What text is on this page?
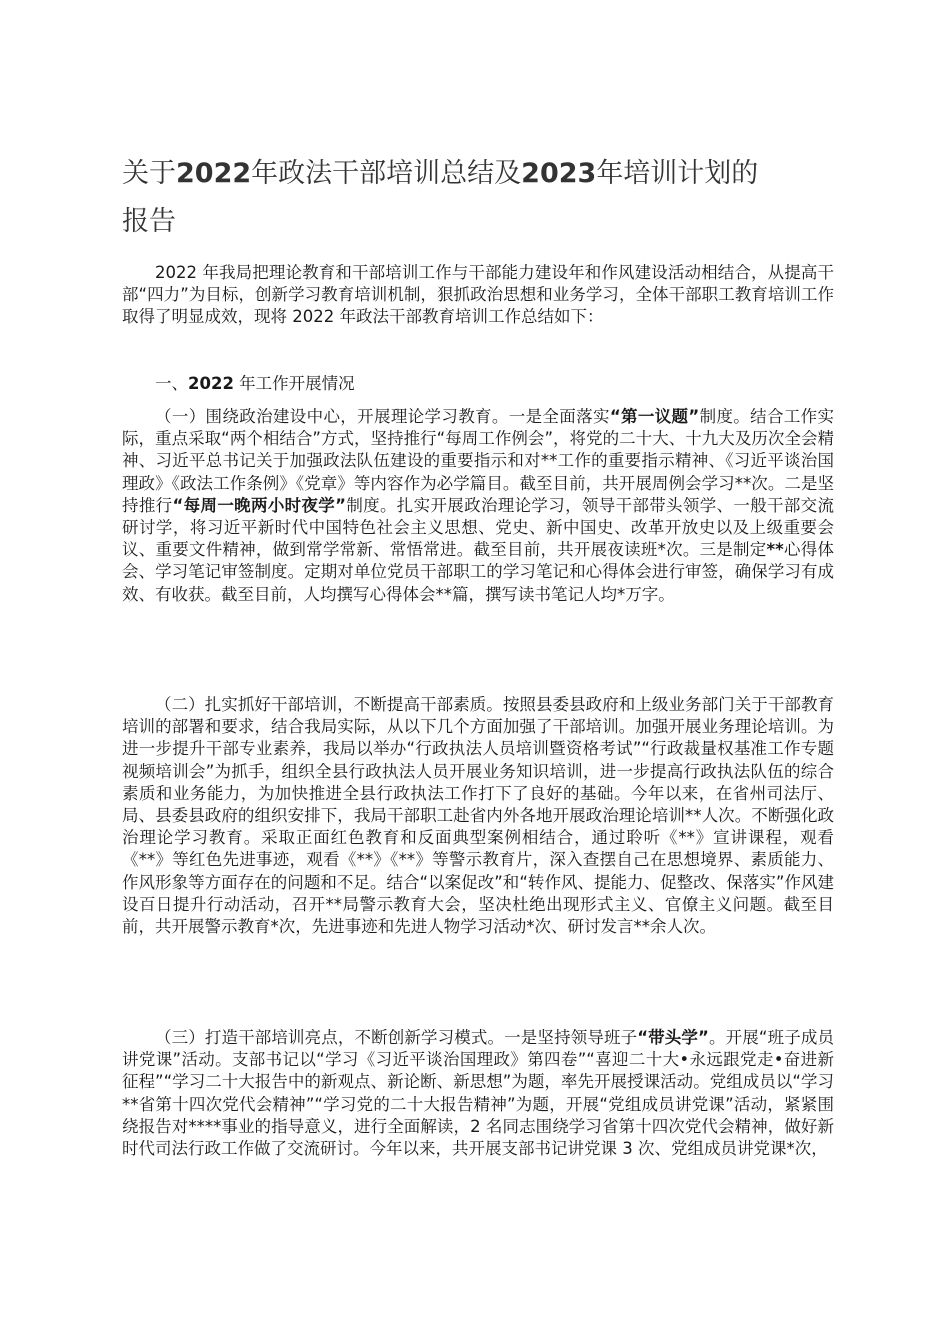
关于2022年政法干部培训总结及2023年培训计划的
报告

2022 年我局把理论教育和干部培训工作与干部能力建设年和作风建设活动相结合，从提高干部“四力”为目标，创新学习教育培训机制，狠抓政治思想和业务学习，全体干部职工教育培训工作取得了明显成效，现将 2022 年政法干部教育培训工作总结如下：

一、2022 年工作开展情况

（一）围绕政治建设中心，开展理论学习教育。一是全面落实“第一议题”制度。结合工作实际，重点采取“两个相结合”方式，坚持推行“每周工作例会”，将党的二十大、十九大及历次全会精神、习近平总书记关于加强政法队伍建设的重要指示和对**工作的重要指示精神、《习近平谈治国理政》《政法工作条例》《党章》等内容作为必学篇目。截至目前，共开展周例会学习**次。二是坚持推行“每周一晚两小时夜学”制度。扎实开展政治理论学习，领导干部带头领学、一般干部交流研讨学，将习近平新时代中国特色社会主义思想、党史、新中国史、改革开放史以及上级重要会议、重要文件精神，做到常学常新、常悟常进。截至目前，共开展夜读班*次。三是制定**心得体会、学习笔记审签制度。定期对单位党员干部职工的学习笔记和心得体会进行审签，确保学习有成效、有收获。截至目前，人均撰写心得体会**篇，撰写读书笔记人均*万字。

（二）扎实抓好干部培训，不断提高干部素质。按照县委县政府和上级业务部门关于干部教育培训的部署和要求，结合我局实际，从以下几个方面加强了干部培训。加强开展业务理论培训。为进一步提升干部专业素养，我局以举办“行政执法人员培训暨资格考试”“行政裁量权基准工作专题视频培训会”为抓手，组织全县行政执法人员开展业务知识培训，进一步提高行政执法队伍的综合素质和业务能力，为加快推进全县行政执法工作打下了良好的基础。今年以来，在省州司法厅、局、县委县政府的组织安排下，我局干部职工赴省内外各地开展政治理论培训**人次。不断强化政治理论学习教育。采取正面红色教育和反面典型案例相结合，通过聆听《**》宣讲课程，观看《**》等红色先进事迹，观看《**》《**》等警示教育片，深入查摆自己在思想境界、素质能力、作风形象等方面存在的问题和不足。结合“以案促改”和“转作风、提能力、促整改、保落实”作风建设百日提升行动活动，召开**局警示教育大会，坚决杜绝出现形式主义、官僚主义问题。截至目前，共开展警示教育*次，先进事迹和先进人物学习活动*次、研讨发言**余人次。

（三）打造干部培训亮点，不断创新学习模式。一是坚持领导班子“带头学”。开展“班子成员讲党课”活动。支部书记以“学习《习近平谈治国理政》第四卷”“喜迎二十大•永远跟党走•奋进新征程”“学习二十大报告中的新观点、新论断、新思想”为题，率先开展授课活动。党组成员以“学习**省第十四次党代会精神”“学习党的二十大报告精神”为题，开展“党组成员讲党课”活动，紧紧围绕报告对****事业的指导意义，进行全面解读，2 名同志围绕学习省第十四次党代会精神，做好新时代司法行政工作做了交流研讨。今年以来，共开展支部书记讲党课 3 次、党组成员讲党课*次，
